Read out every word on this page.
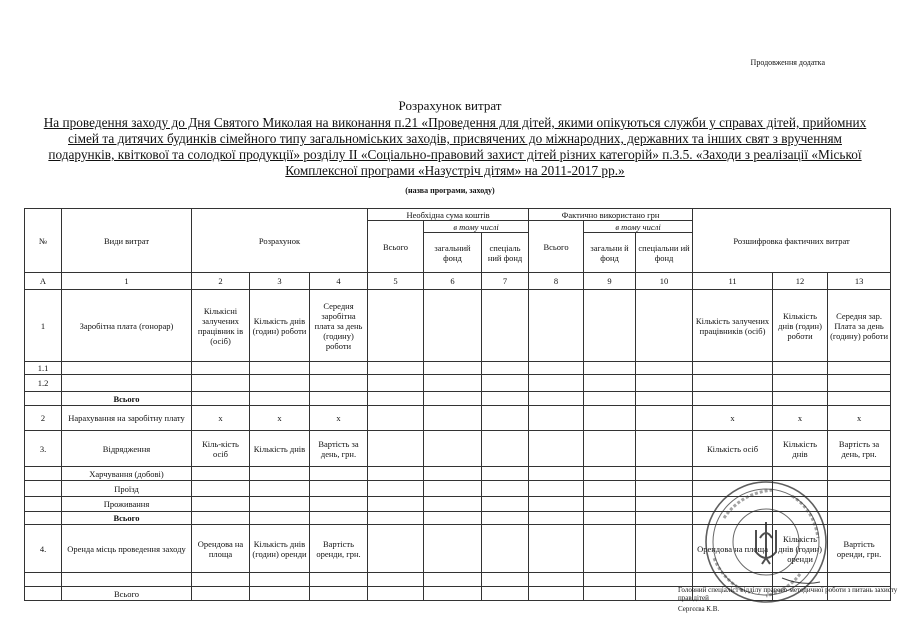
Продовження додатка
Розрахунок витрат
На проведення заходу до Дня Святого Миколая на виконання п.21 «Проведення для дітей, якими опікуються служби у справах дітей, прийомних сімей та дитячих будинків сімейного типу загальноміських заходів, присвячених до міжнародних, державних та інших свят з врученням подарунків, квіткової та солодкої продукції» розділу ІІ «Соціально-правовий захист дітей різних категорій» п.3.5. «Заходи з реалізації «Міської Комплексної програми «Назустріч дітям» на 2011-2017 рр.»
(назва програми, заходу)
№	Види витрат	Розрахунок			Необхідна сума коштів			Фактично використано грн			Розшифровка фактичних витрат		
					Всього	в тому числі		Всього	в тому числі				
						загальний фонд	спеціаль ний фонд		загальни й фонд	спеціальни ий фонд			
А	1	2	3	4	5	6	7	8	9	10	11	12	13
1	Заробітна плата (гонорар)	Кількісні залучених працівник ів (осіб)	Кількість днів (годин) роботи	Середня заробітна плата за день (годину) роботи							Кількість залучених працівників (осіб)	Кількість днів (годин) роботи	Середня зар. Плата за день (годину) роботи
1.1													
1.2													
	Всього												
2	Нарахування на заробітну плату	x	x	x							x	x	x
3.	Відрядження	Кіль-кість осіб	Кількість днів	Вартість за день, грн.							Кількість осіб	Кількість днів	Вартість за день, грн.
	Харчування (добові)												
	Проїзд												
	Проживання												
	Всього												
4.	Оренда місць проведення заходу	Орендова на площа	Кількість днів (годин) оренди	Вартість оренди, грн.							Орендова на площа	Кількість днів (годин) оренди	Вартість оренди, грн.

	Всього													Головний спеціаліст відділу правово-методичної роботи з питань захисту прав дітей
Сергєєва К.В.
